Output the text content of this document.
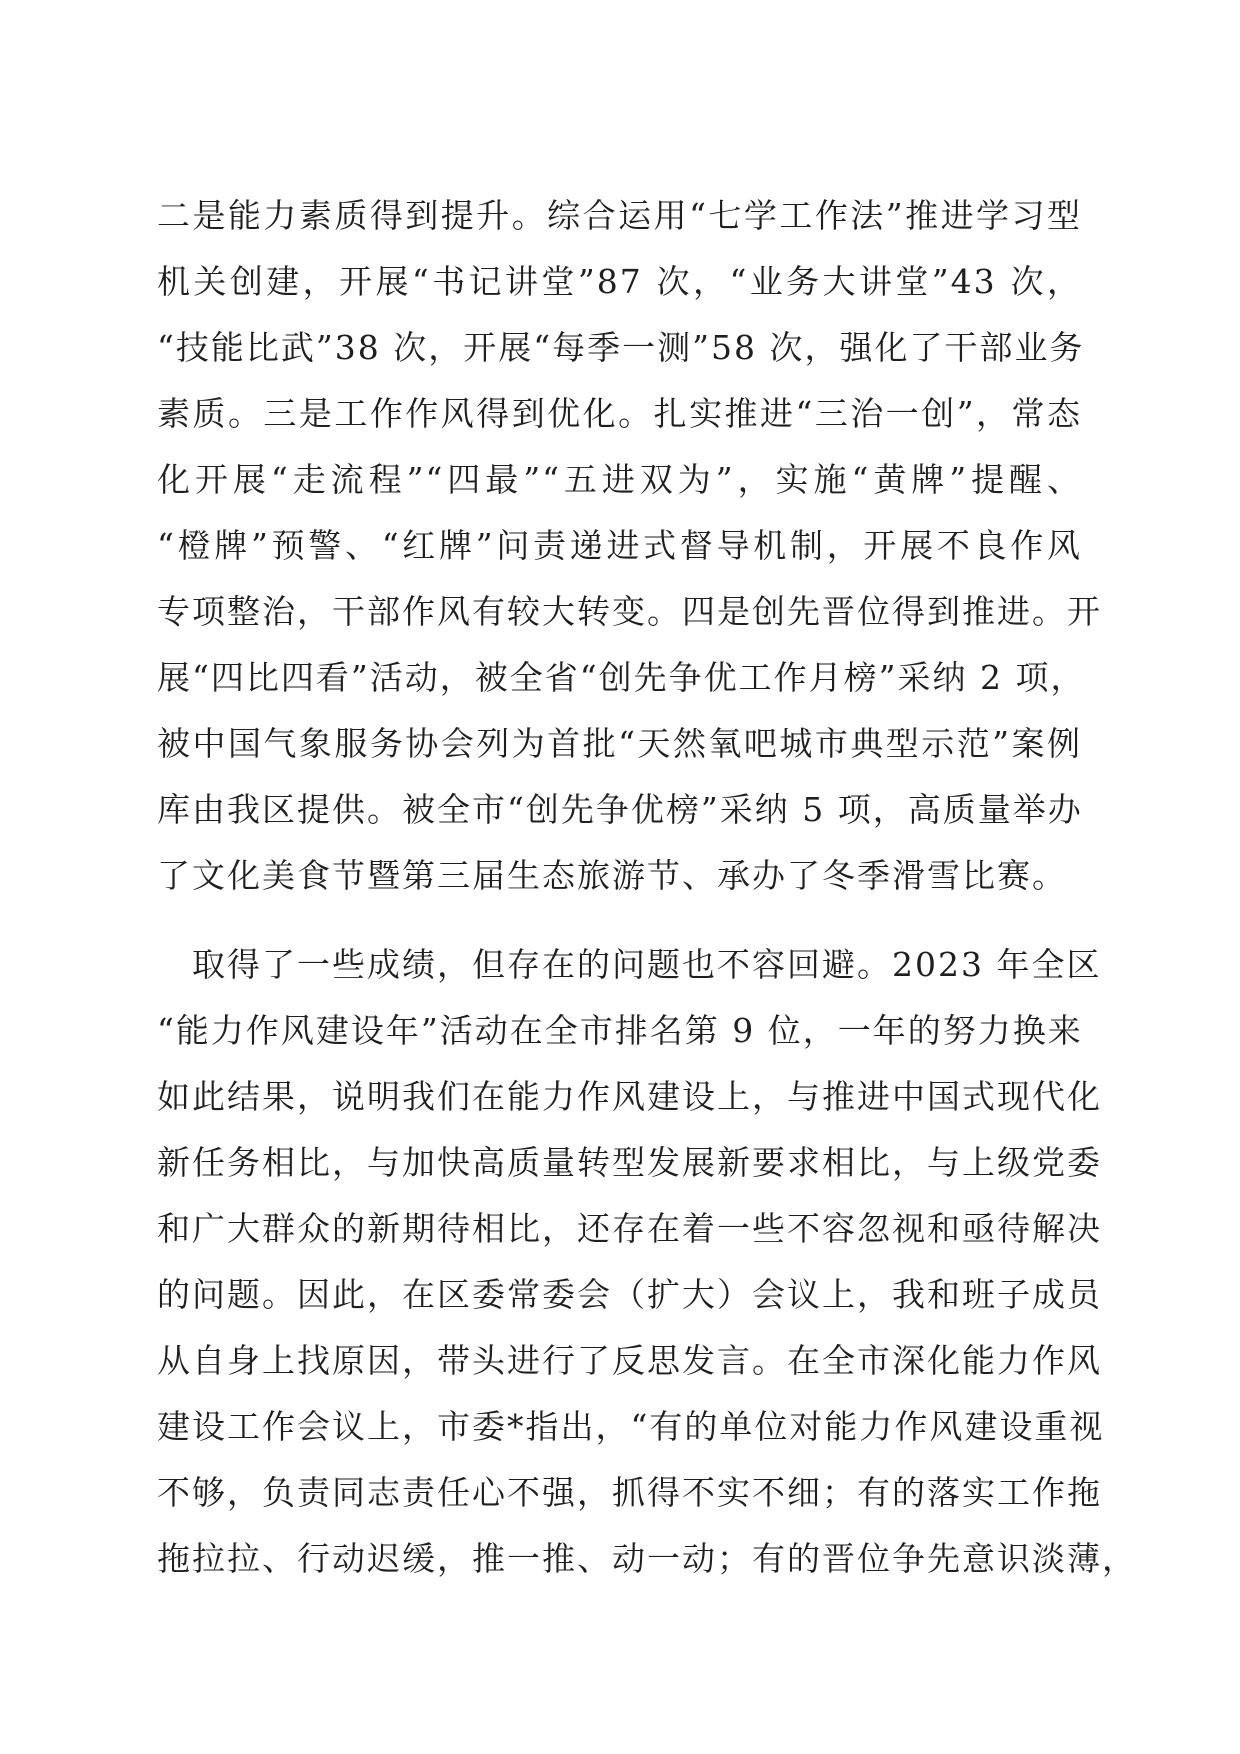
二是能力素质得到提升。综合运用“七学工作法”推进学习型
机关创建，开展“书记讲堂”87 次，“业务大讲堂”43 次，
“技能比武”38 次，开展“每季一测”58 次，强化了干部业务
素质。三是工作作风得到优化。扎实推进“三治一创”，常态
化开展“走流程”“四最”“五进双为”，实施“黄牌”提醒、
“橙牌”预警、“红牌”问责递进式督导机制，开展不良作风
专项整治，干部作风有较大转变。四是创先晋位得到推进。开
展“四比四看”活动，被全省“创先争优工作月榜”采纳 2 项，
被中国气象服务协会列为首批“天然氧吧城市典型示范”案例
库由我区提供。被全市“创先争优榜”采纳 5 项，高质量举办
了文化美食节暨第三届生态旅游节、承办了冬季滑雪比赛。
　取得了一些成绩，但存在的问题也不容回避。2023 年全区
“能力作风建设年”活动在全市排名第 9 位，一年的努力换来
如此结果，说明我们在能力作风建设上，与推进中国式现代化
新任务相比，与加快高质量转型发展新要求相比，与上级党委
和广大群众的新期待相比，还存在着一些不容忽视和亟待解决
的问题。因此，在区委常委会（扩大）会议上，我和班子成员
从自身上找原因，带头进行了反思发言。在全市深化能力作风
建设工作会议上，市委*指出，“有的单位对能力作风建设重视
不够，负责同志责任心不强，抓得不实不细；有的落实工作拖
拖拉拉、行动迟缓，推一推、动一动；有的晋位争先意识淡薄，
